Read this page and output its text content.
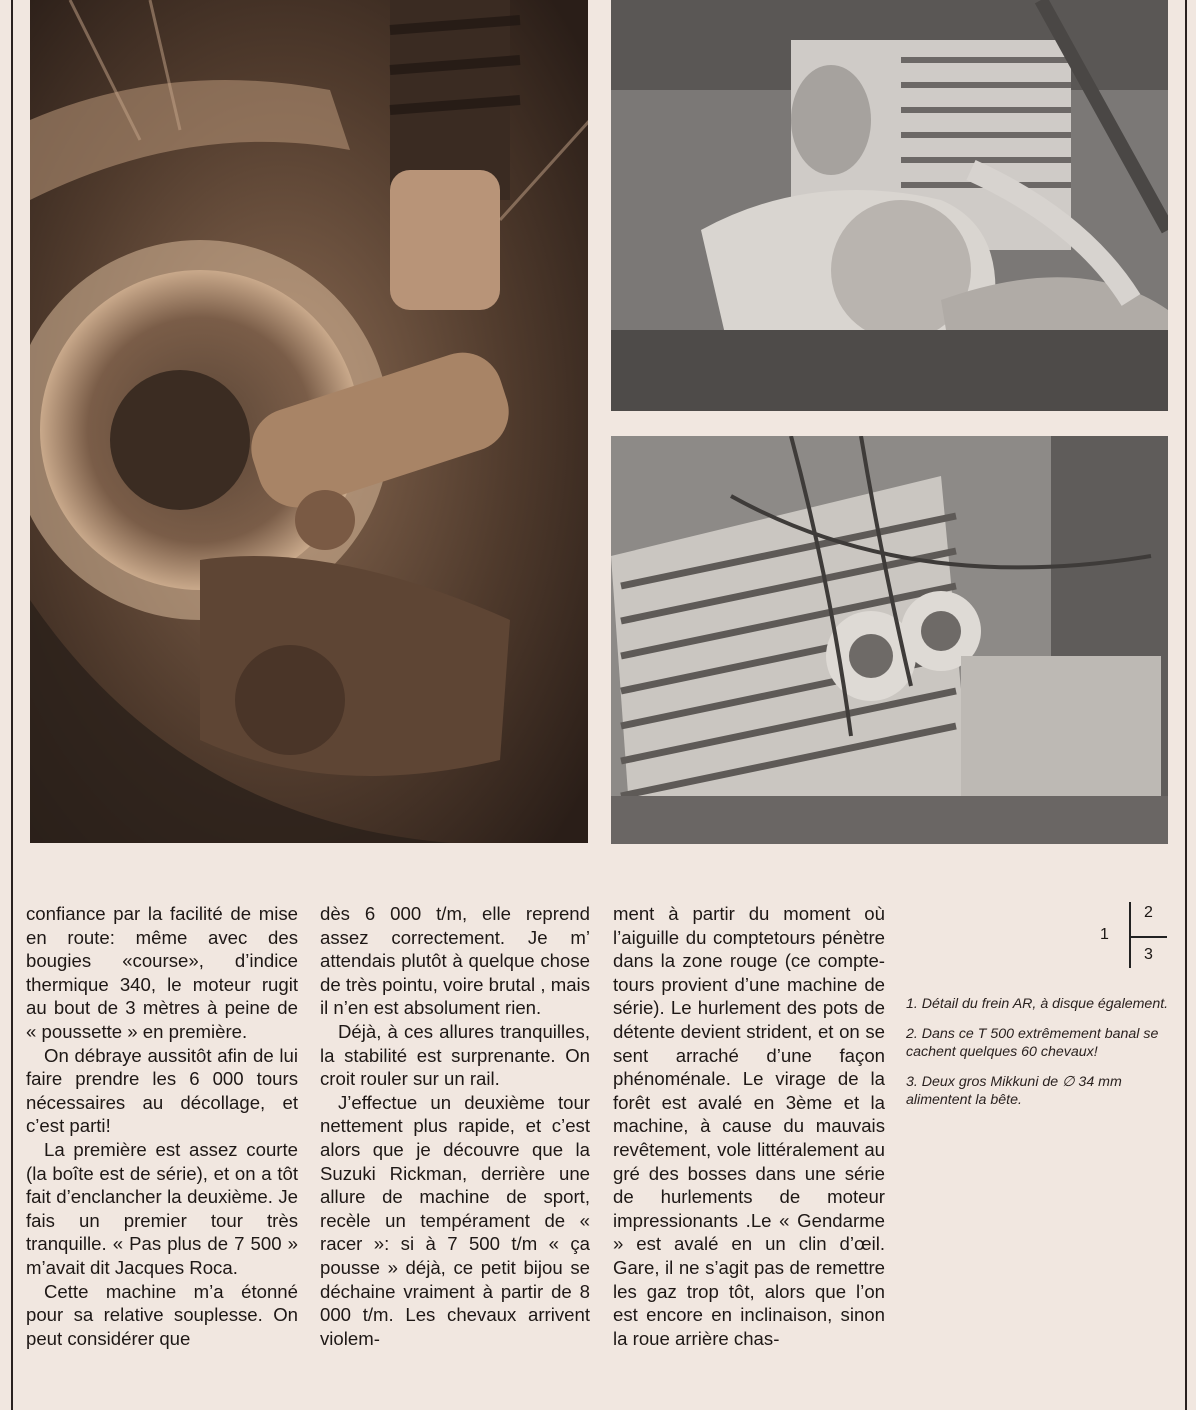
confiance par la facilité de mise en route: même avec des bougies «course», d’indice thermique 340, le moteur rugit au bout de 3 mètres à peine de « poussette » en première.

On débraye aussitôt afin de lui faire prendre les 6 000 tours nécessaires au décollage, et c’est parti!

La première est assez courte (la boîte est de série), et on a tôt fait d’enclancher la deuxième. Je fais un premier tour très tranquille. « Pas plus de 7 500 » m’avait dit Jacques Roca.

Cette machine m’a étonné pour sa relative souplesse. On peut considérer que

dès 6 000 t/m, elle reprend assez correctement. Je m’ attendais plutôt à quelque chose de très pointu, voire brutal , mais il n’en est absolument rien.

Déjà, à ces allures tranquilles, la stabilité est surprenante. On croit rouler sur un rail.

J’effectue un deuxième tour nettement plus rapide, et c’est alors que je découvre que la Suzuki Rickman, derrière une allure de machine de sport, recèle un tempérament de « racer »: si à 7 500 t/m « ça pousse » déjà, ce petit bijou se déchaine vraiment à partir de 8 000 t/m. Les chevaux arrivent violem-

ment à partir du moment où l’aiguille du comptetours pénètre dans la zone rouge (ce compte-tours provient d’une machine de série). Le hurlement des pots de détente devient strident, et on se sent arraché d’une façon phénoménale. Le virage de la forêt est avalé en 3ème et la machine, à cause du mauvais revêtement, vole littéralement au gré des bosses dans une série de hurlements de moteur impressionants .Le « Gendarme » est avalé en un clin d’œil. Gare, il ne s’agit pas de remettre les gaz trop tôt, alors que l’on est encore en inclinaison, sinon la roue arrière chas-

1
2
3

1. Détail du frein AR, à disque également.

2. Dans ce T 500 extrêmement banal se cachent quelques 60 chevaux!

3. Deux gros Mikkuni de ∅ 34 mm alimentent la bête.
